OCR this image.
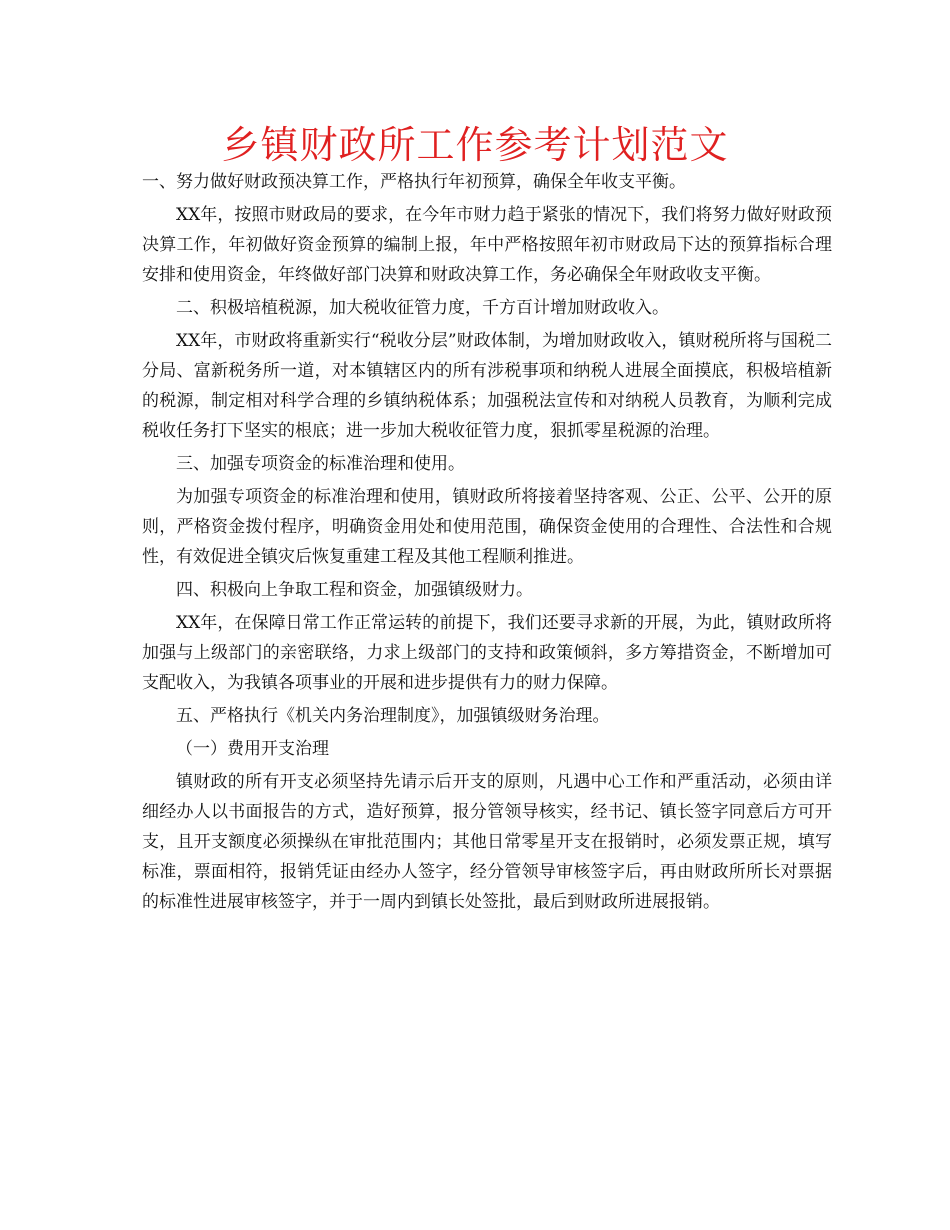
乡镇财政所工作参考计划范文

一、努力做好财政预决算工作，严格执行年初预算，确保全年收支平衡。

XX年，按照市财政局的要求，在今年市财力趋于紧张的情况下，我们将努力做好财政预决算工作，年初做好资金预算的编制上报，年中严格按照年初市财政局下达的预算指标合理安排和使用资金，年终做好部门决算和财政决算工作，务必确保全年财政收支平衡。

二、积极培植税源，加大税收征管力度，千方百计增加财政收入。

XX年，市财政将重新实行“税收分层”财政体制，为增加财政收入，镇财税所将与国税二分局、富新税务所一道，对本镇辖区内的所有涉税事项和纳税人进展全面摸底，积极培植新的税源，制定相对科学合理的乡镇纳税体系；加强税法宣传和对纳税人员教育，为顺利完成税收任务打下坚实的根底；进一步加大税收征管力度，狠抓零星税源的治理。

三、加强专项资金的标准治理和使用。

为加强专项资金的标准治理和使用，镇财政所将接着坚持客观、公正、公平、公开的原则，严格资金拨付程序，明确资金用处和使用范围，确保资金使用的合理性、合法性和合规性，有效促进全镇灾后恢复重建工程及其他工程顺利推进。

四、积极向上争取工程和资金，加强镇级财力。

XX年，在保障日常工作正常运转的前提下，我们还要寻求新的开展，为此，镇财政所将加强与上级部门的亲密联络，力求上级部门的支持和政策倾斜，多方筹措资金，不断增加可支配收入，为我镇各项事业的开展和进步提供有力的财力保障。

五、严格执行《机关内务治理制度》，加强镇级财务治理。

（一）费用开支治理

镇财政的所有开支必须坚持先请示后开支的原则，凡遇中心工作和严重活动，必须由详细经办人以书面报告的方式，造好预算，报分管领导核实，经书记、镇长签字同意后方可开支，且开支额度必须操纵在审批范围内；其他日常零星开支在报销时，必须发票正规，填写标准，票面相符，报销凭证由经办人签字，经分管领导审核签字后，再由财政所所长对票据的标准性进展审核签字，并于一周内到镇长处签批，最后到财政所进展报销。
